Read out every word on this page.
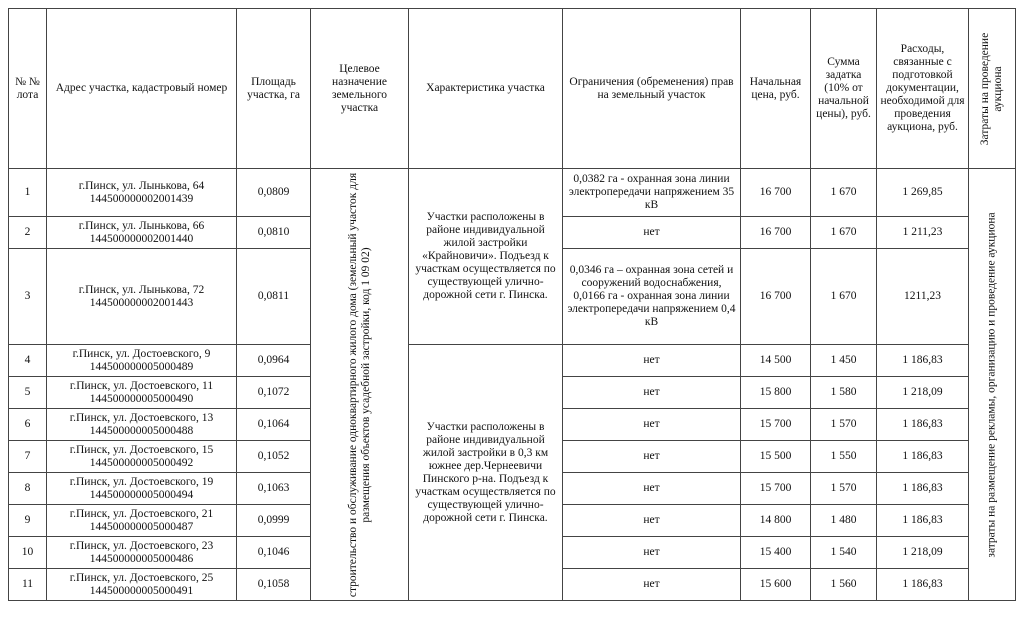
№ № лота	Адрес участка, кадастровый номер	Площадь участка, га	Целевое назначение земельного участка	Характеристика участка	Ограничения (обременения) прав на земельный участок	Начальная цена, руб.	Сумма задатка (10% от начальной цены), руб.	Расходы, связанные с подготовкой документации, необходимой для проведения аукциона, руб.	Затраты на проведение аукциона

1	г.Пинск, ул. Лынькова, 64
144500000002001439	0,0809	строительство и обслуживание одноквартирного жилого дома (земельный участок для размещения объектов усадебной застройки, код 1 09 02)	Участки расположены в районе индивидуальной жилой застройки «Крайновичи». Подъезд к участкам осуществляется по существующей улично-дорожной сети г. Пинска.	0,0382 га - охранная зона линии электропередачи напряжением 35 кВ	16 700	1 670	1 269,85	затраты на размещение рекламы, организацию и проведение аукциона

2	г.Пинск, ул. Лынькова, 66
144500000002001440	0,0810			нет	16 700	1 670	1 211,23	
3	г.Пинск, ул. Лынькова, 72
144500000002001443	0,0811			0,0346 га – охранная зона сетей и сооружений водоснабжения, 0,0166 га - охранная зона линии электропередачи напряжением 0,4 кВ	16 700	1 670	1211,23	
4	г.Пинск, ул. Достоевского, 9
144500000005000489	0,0964		Участки расположены в районе индивидуальной жилой застройки в 0,3 км южнее дер.Чернеевичи Пинского р-на. Подъезд к участкам осуществляется по существующей улично-дорожной сети г. Пинска.	нет	14 500	1 450	1 186,83	
5	г.Пинск, ул. Достоевского, 11
144500000005000490	0,1072			нет	15 800	1 580	1 218,09	
6	г.Пинск, ул. Достоевского, 13
144500000005000488	0,1064			нет	15 700	1 570	1 186,83	
7	г.Пинск, ул. Достоевского, 15
144500000005000492	0,1052			нет	15 500	1 550	1 186,83	
8	г.Пинск, ул. Достоевского, 19
144500000005000494	0,1063			нет	15 700	1 570	1 186,83	
9	г.Пинск, ул. Достоевского, 21
144500000005000487	0,0999			нет	14 800	1 480	1 186,83	
10	г.Пинск, ул. Достоевского, 23
144500000005000486	0,1046			нет	15 400	1 540	1 218,09	
11	г.Пинск, ул. Достоевского, 25
144500000005000491	0,1058			нет	15 600	1 560	1 186,83	
